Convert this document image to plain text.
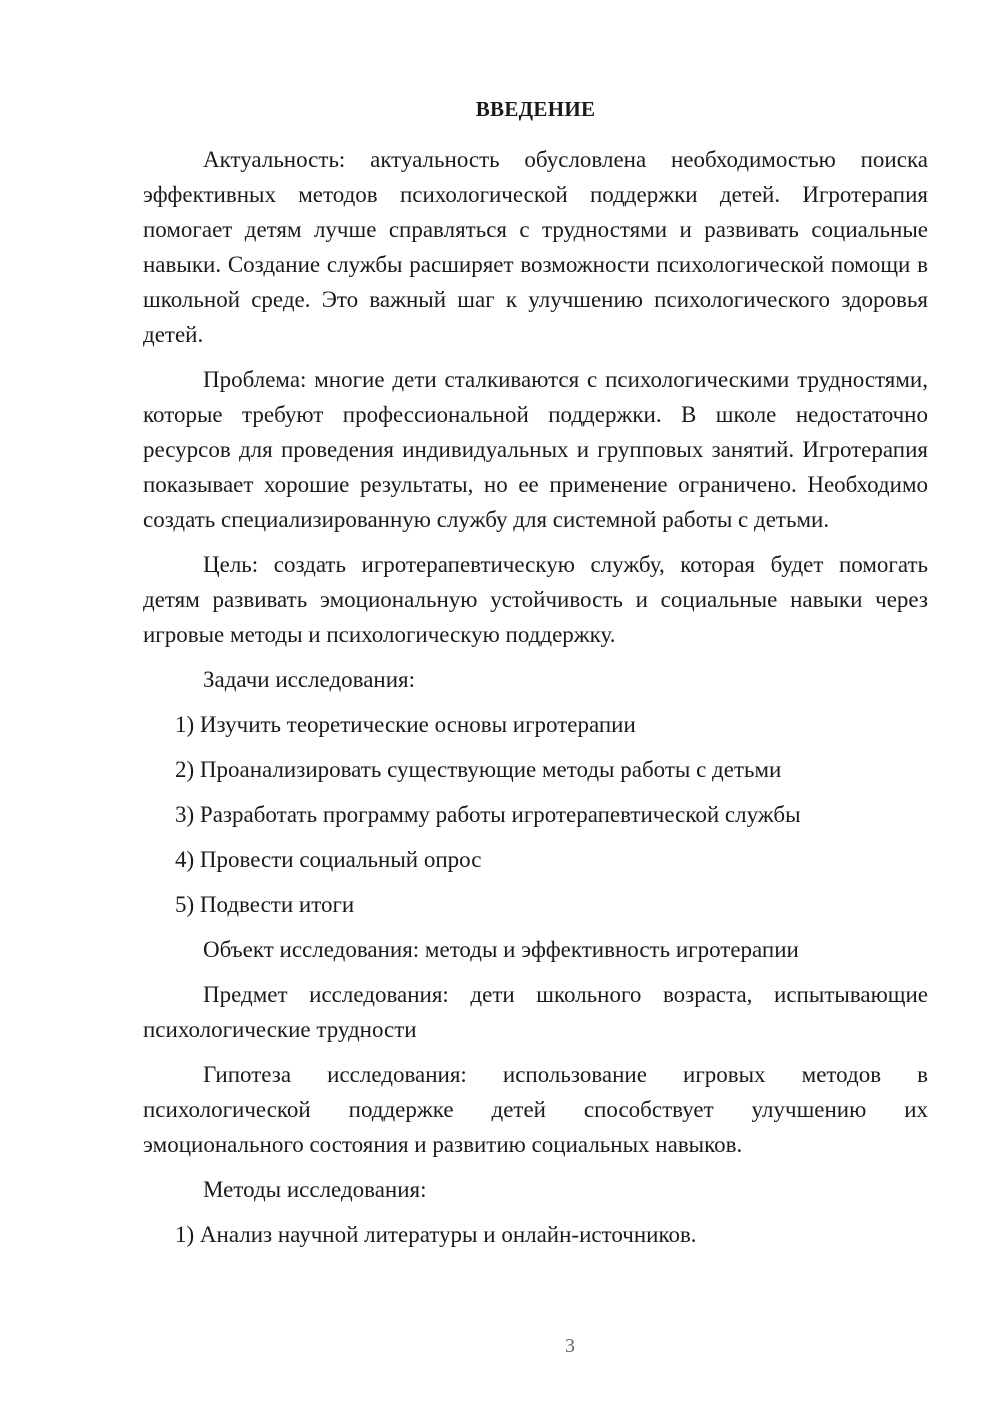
ВВЕДЕНИЕ

Актуальность: актуальность обусловлена необходимостью поиска эффективных методов психологической поддержки детей. Игротерапия помогает детям лучше справляться с трудностями и развивать социальные навыки. Создание службы расширяет возможности психологической помощи в школьной среде. Это важный шаг к улучшению психологического здоровья детей.

Проблема: многие дети сталкиваются с психологическими трудностями, которые требуют профессиональной поддержки. В школе недостаточно ресурсов для проведения индивидуальных и групповых занятий. Игротерапия показывает хорошие результаты, но ее применение ограничено. Необходимо создать специализированную службу для системной работы с детьми.

Цель: создать игротерапевтическую службу, которая будет помогать детям развивать эмоциональную устойчивость и социальные навыки через игровые методы и психологическую поддержку.

Задачи исследования:

1) Изучить теоретические основы игротерапии

2) Проанализировать существующие методы работы с детьми

3) Разработать программу работы игротерапевтической службы

4) Провести социальный опрос

5) Подвести итоги

Объект исследования: методы и эффективность игротерапии

Предмет исследования: дети школьного возраста, испытывающие психологические трудности

Гипотеза исследования: использование игровых методов в психологической поддержке детей способствует улучшению их эмоционального состояния и развитию социальных навыков.

Методы исследования:

1) Анализ научной литературы и онлайн-источников.

3
